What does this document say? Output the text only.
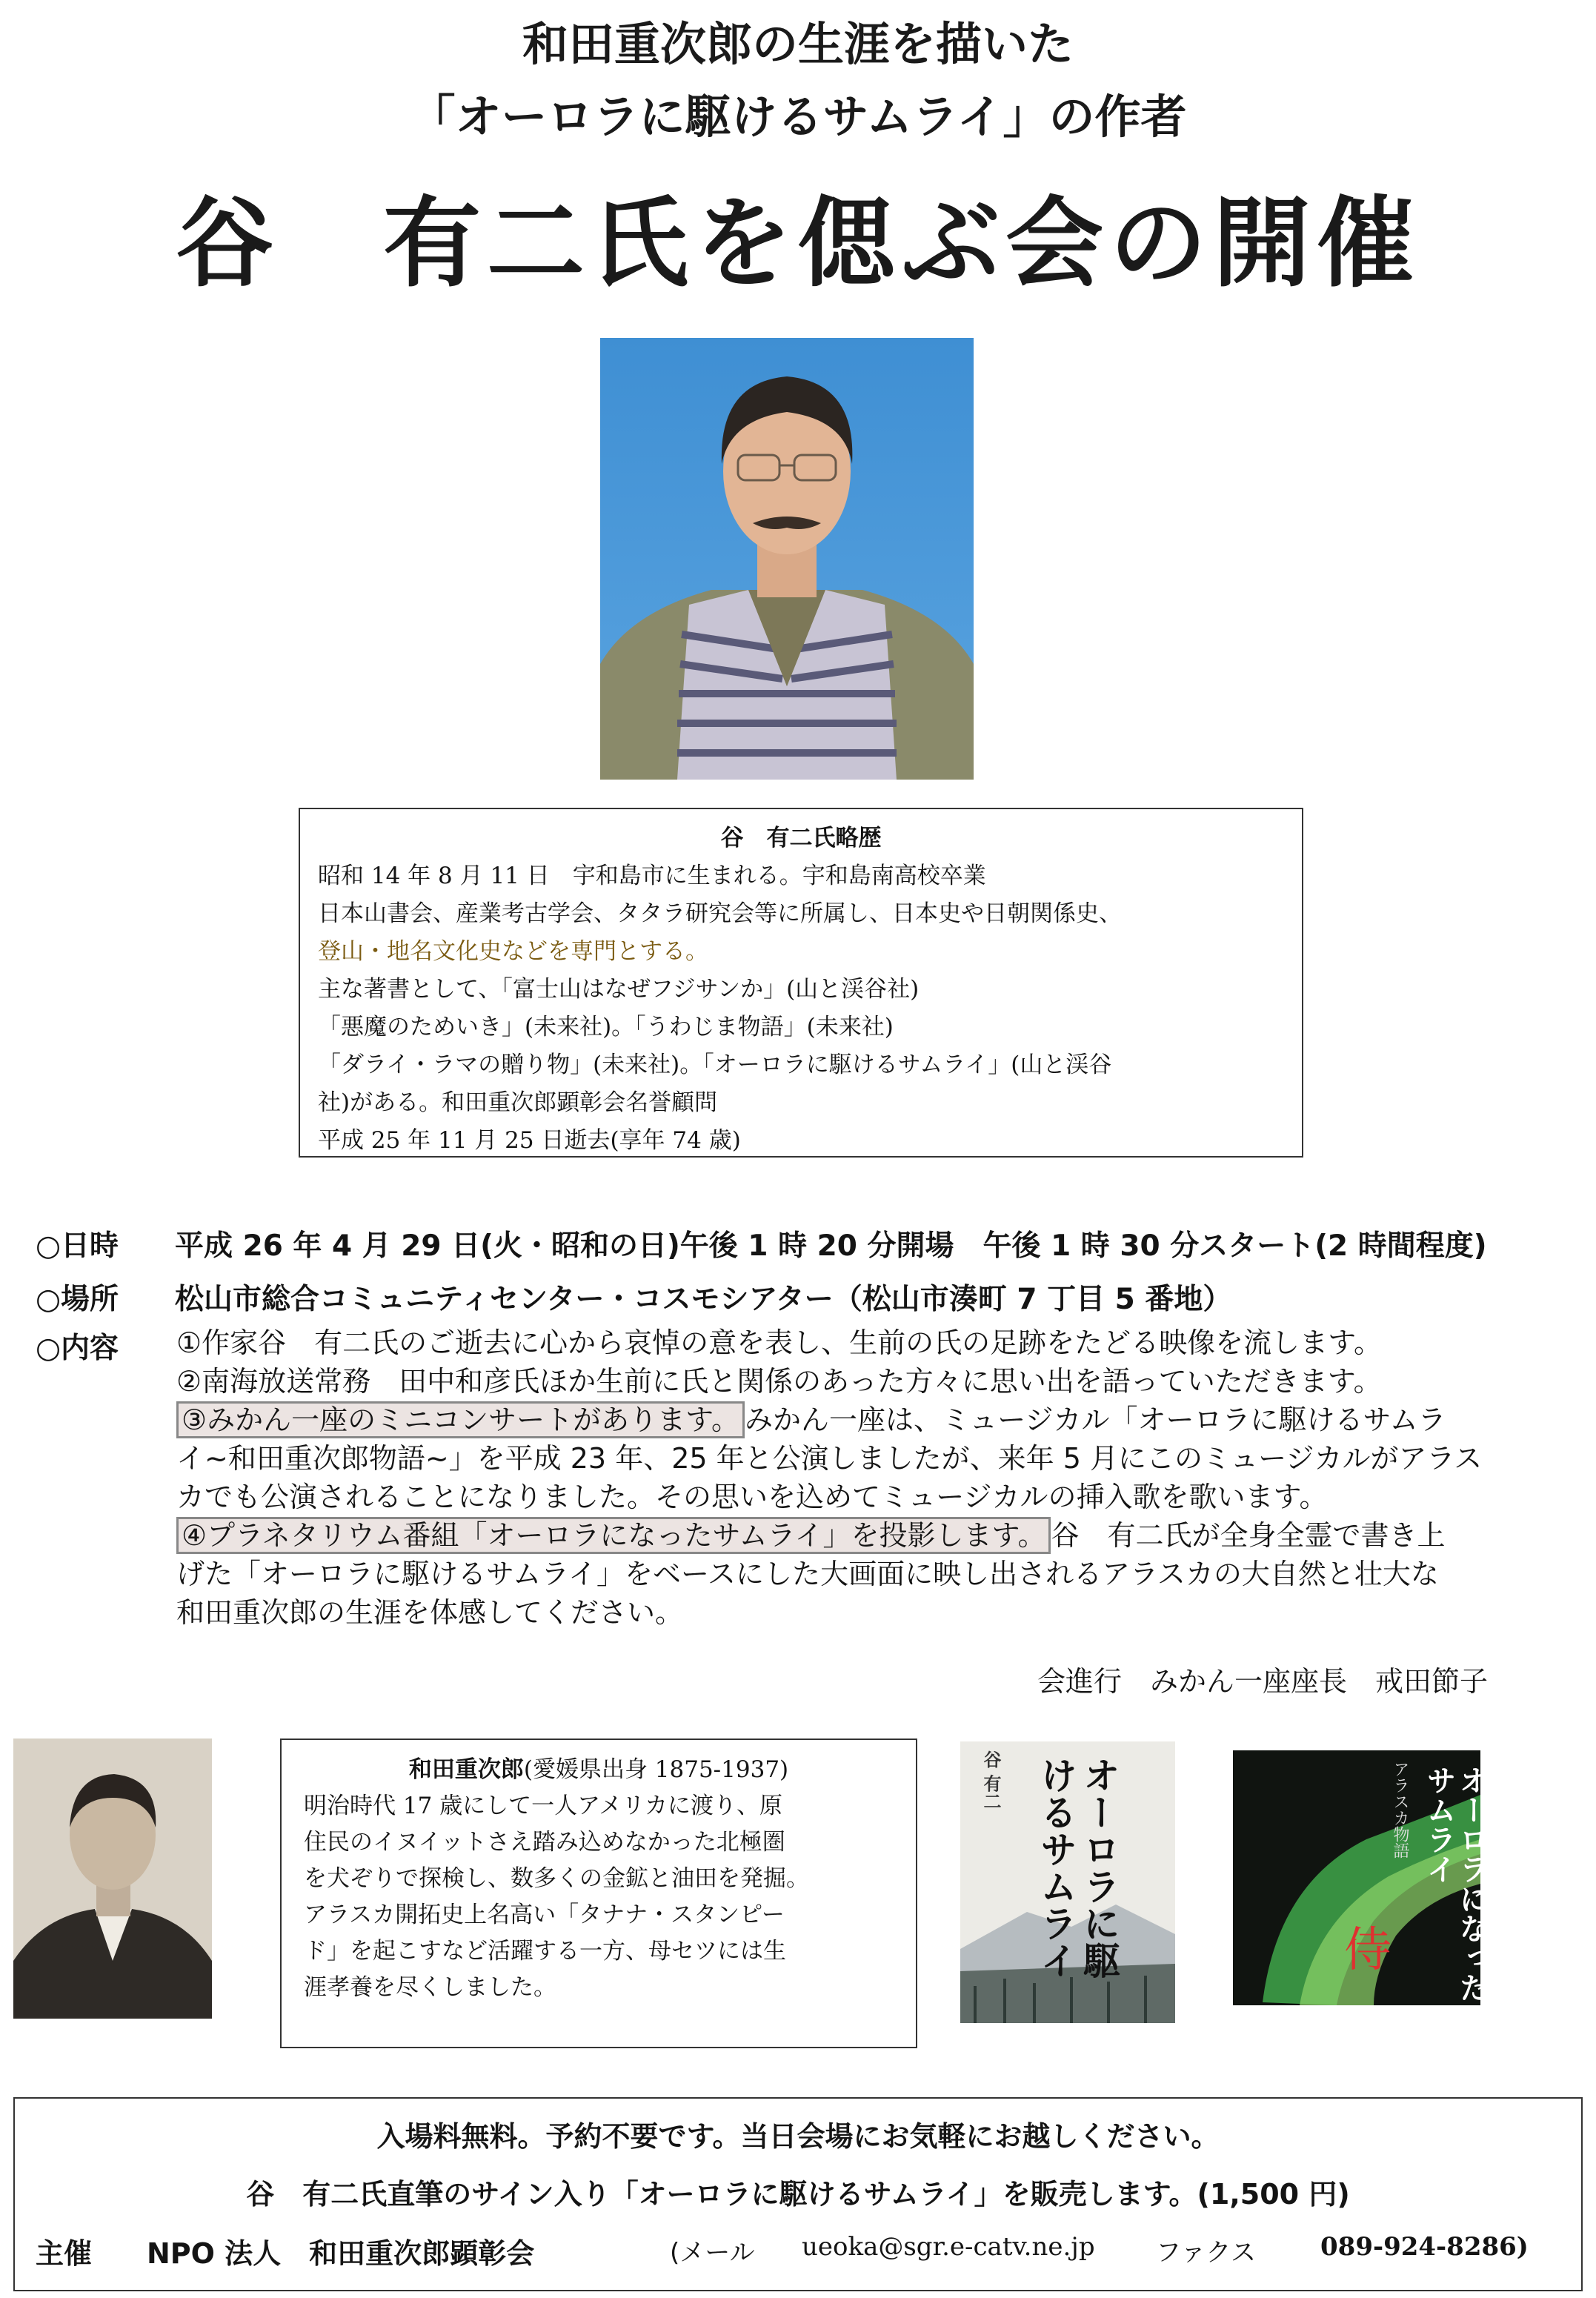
和田重次郎の生涯を描いた
「オーロラに駆けるサムライ」の作者
谷　有二氏を偲ぶ会の開催
谷　有二氏略歴
昭和 14 年 8 月 11 日　宇和島市に生まれる。宇和島南高校卒業
日本山書会、産業考古学会、タタラ研究会等に所属し、日本史や日朝関係史、
登山・地名文化史などを専門とする。
主な著書として、「富士山はなぜフジサンか」(山と渓谷社)
「悪魔のためいき」(未来社)。「うわじま物語」(未来社)
「ダライ・ラマの贈り物」(未来社)。「オーロラに駆けるサムライ」(山と渓谷
社)がある。和田重次郎顕彰会名誉顧問
平成 25 年 11 月 25 日逝去(享年 74 歳)
○日時 平成 26 年 4 月 29 日(火・昭和の日)午後 1 時 20 分開場　午後 1 時 30 分スタート(2 時間程度)
○場所 松山市総合コミュニティセンター・コスモシアター（松山市湊町 7 丁目 5 番地）
○内容	①作家谷　有二氏のご逝去に心から哀悼の意を表し、生前の氏の足跡をたどる映像を流します。
②南海放送常務　田中和彦氏ほか生前に氏と関係のあった方々に思い出を語っていただきます。
③みかん一座のミニコンサートがあります。 みかん一座は、ミュージカル「オーロラに駆けるサムラ
イ~和田重次郎物語~」を平成 23 年、25 年と公演しましたが、来年 5 月にこのミュージカルがアラス
カでも公演されることになりました。その思いを込めてミュージカルの挿入歌を歌います。
④プラネタリウム番組「オーロラになったサムライ」を投影します。 谷　有二氏が全身全霊で書き上
げた「オーロラに駆けるサムライ」をベースにした大画面に映し出されるアラスカの大自然と壮大な
和田重次郎の生涯を体感してください。
会進行　みかん一座座長　戒田節子
和田重次郎(愛媛県出身 1875-1937)
明治時代 17 歳にして一人アメリカに渡り、原
住民のイヌイットさえ踏み込めなかった北極圏
を犬ぞりで探検し、数多くの金鉱と油田を発掘。
アラスカ開拓史上名高い「タナナ・スタンピー
ド」を起こすなど活躍する一方、母セツには生
涯孝養を尽くしました。
谷 有二	オーロラに駆けるサムライ	アラスカ物語	オーロラになったサムライ
侍
入場料無料。予約不要です。当日会場にお気軽にお越しください。
谷　有二氏直筆のサイン入り「オーロラに駆けるサムライ」を販売します。(1,500 円)
主催 NPO 法人　和田重次郎顕彰会	(メール ueoka@sgr.e-catv.ne.jp ファクス	089-924-8286)
